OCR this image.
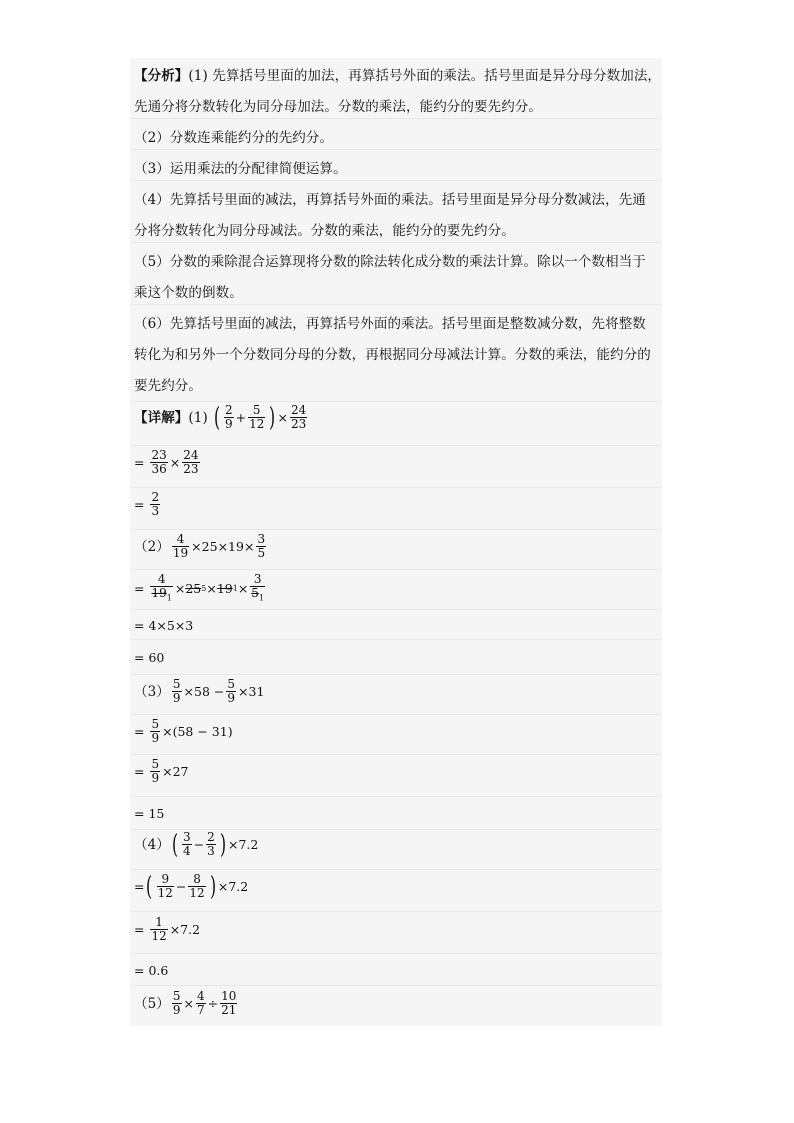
【分析】(1) 先算括号里面的加法，再算括号外面的乘法。括号里面是异分母分数加法，
先通分将分数转化为同分母加法。分数的乘法，能约分的要先约分。
（2）分数连乘能约分的先约分。
（3）运用乘法的分配律简便运算。
（4）先算括号里面的减法，再算括号外面的乘法。括号里面是异分母分数减法，先通
分将分数转化为同分母减法。分数的乘法，能约分的要先约分。
（5）分数的乘除混合运算现将分数的除法转化成分数的乘法计算。除以一个数相当于
乘这个数的倒数。
（6）先算括号里面的减法，再算括号外面的乘法。括号里面是整数减分数，先将整数
转化为和另外一个分数同分母的分数，再根据同分母减法计算。分数的乘法，能约分的
要先约分。
【详解】 (1)
( $\frac{2}{9} + \frac{5}{12}$ ) × $\frac{24}{23}$
=
$\frac{23}{36} \times \frac{24}{23}$
=
$\frac{2}{3}$
$(2) \frac{4}{19} \times 25 \times 19 \times \frac{3}{5}$
=
$\frac{4}{19_1} \times 25$ 5 × 19 $1 \times \frac{3}{5_1}$
= 4×5×3
= 60
$(3) \frac{5}{9} \times 58$
− $\frac{5}{9} \times 31$
=
$\frac{5}{9} \times(58 - 31)$
=
$\frac{5}{9} \times 27$
= 15
（4） ( $\frac{3}{4} - \frac{2}{3}$ ) ×7.2
= ( $\frac{9}{12} - \frac{8}{12}$ ) ×7.2
=
$\frac{1}{12} \times 7.2$
= 0.6
$(5) \frac{5}{9} \times \frac{4}{7} \div \frac{10}{21}$
